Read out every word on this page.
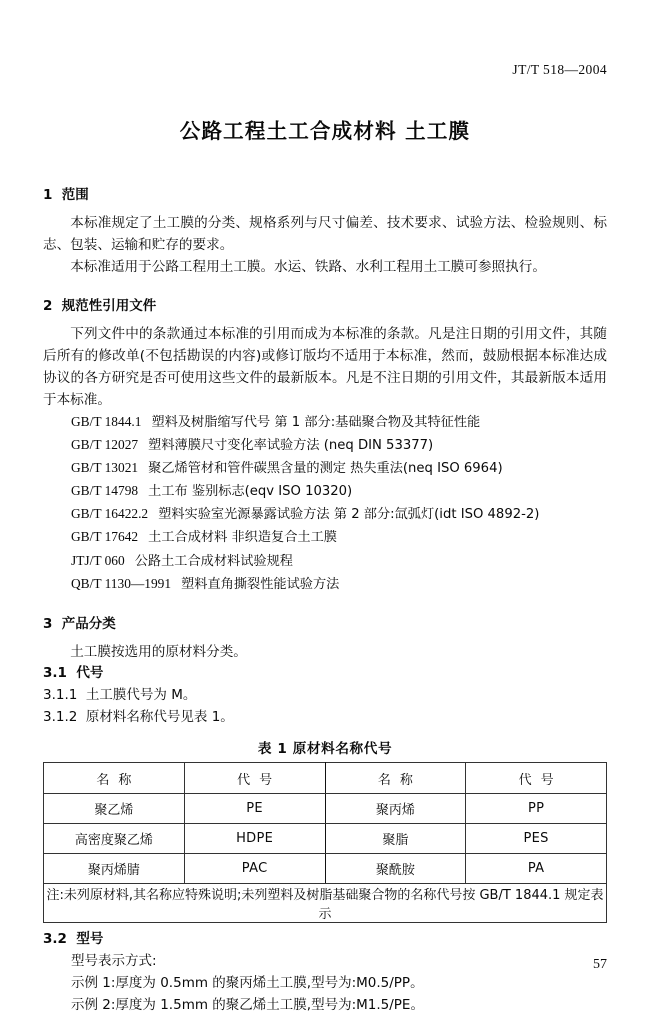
JT/T 518—2004
公路工程土工合成材料 土工膜
1  范围

本标准规定了土工膜的分类、规格系列与尺寸偏差、技术要求、试验方法、检验规则、标志、包装、运输和贮存的要求。

本标准适用于公路工程用土工膜。水运、铁路、水利工程用土工膜可参照执行。

2  规范性引用文件

下列文件中的条款通过本标准的引用而成为本标准的条款。凡是注日期的引用文件，其随后所有的修改单(不包括勘误的内容)或修订版均不适用于本标准，然而，鼓励根据本标准达成协议的各方研究是否可使用这些文件的最新版本。凡是不注日期的引用文件，其最新版本适用于本标准。

GB/T 1844.1 塑料及树脂缩写代号 第 1 部分:基础聚合物及其特征性能
GB/T 12027 塑料薄膜尺寸变化率试验方法 (neq DIN 53377)
GB/T 13021 聚乙烯管材和管件碳黑含量的测定 热失重法(neq ISO 6964)
GB/T 14798 土工布 鉴别标志(eqv ISO 10320)
GB/T 16422.2 塑料实验室光源暴露试验方法 第 2 部分:氙弧灯(idt ISO 4892-2)
GB/T 17642 土工合成材料 非织造复合土工膜
JTJ/T 060 公路土工合成材料试验规程
QB/T 1130—1991 塑料直角撕裂性能试验方法
3  产品分类

土工膜按选用的原材料分类。

3.1  代号
3.1.1  土工膜代号为 M。
3.1.2  原材料名称代号见表 1。
表 1 原材料名称代号
名称	代号	名称	代号
聚乙烯	PE	聚丙烯	PP
高密度聚乙烯	HDPE	聚脂	PES
聚丙烯腈	PAC	聚酰胺	PA
注:未列原材料,其名称应特殊说明;未列塑料及树脂基础聚合物的名称代号按 GB/T 1844.1 规定表示			
3.2  型号
型号表示方式:
示例 1:厚度为 0.5mm 的聚丙烯土工膜,型号为:M0.5/PP。
示例 2:厚度为 1.5mm 的聚乙烯土工膜,型号为:M1.5/PE。
57
